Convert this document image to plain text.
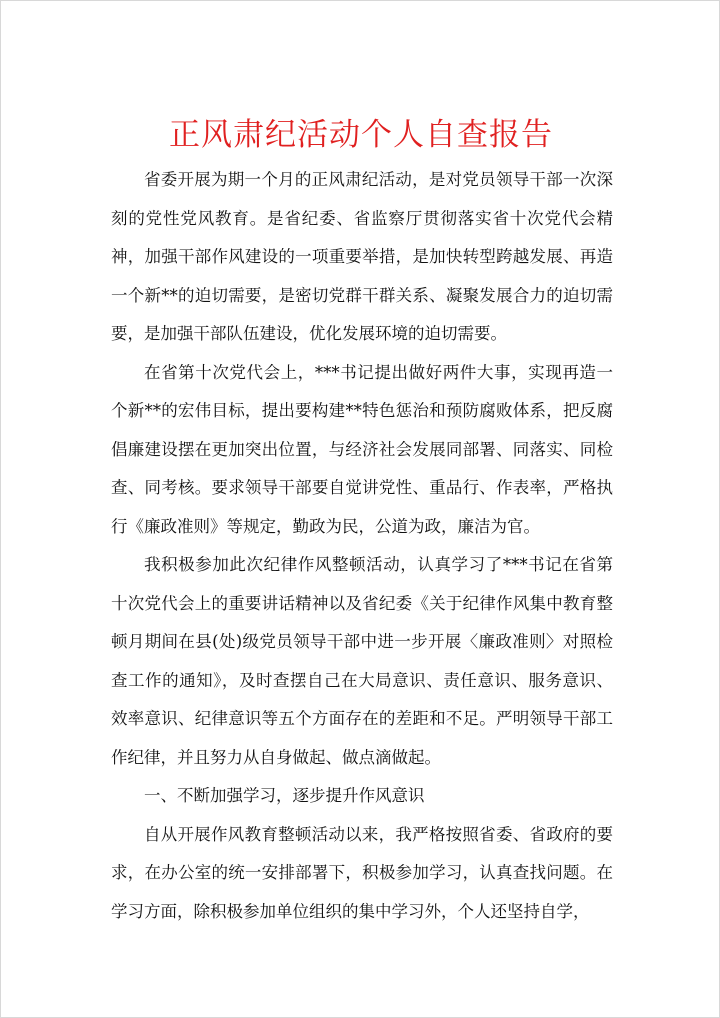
正风肃纪活动个人自查报告

省委开展为期一个月的正风肃纪活动，是对党员领导干部一次深刻的党性党风教育。是省纪委、省监察厅贯彻落实省十次党代会精神，加强干部作风建设的一项重要举措，是加快转型跨越发展、再造一个新**的迫切需要，是密切党群干群关系、凝聚发展合力的迫切需要，是加强干部队伍建设，优化发展环境的迫切需要。

在省第十次党代会上，***书记提出做好两件大事，实现再造一个新**的宏伟目标，提出要构建**特色惩治和预防腐败体系，把反腐倡廉建设摆在更加突出位置，与经济社会发展同部署、同落实、同检查、同考核。要求领导干部要自觉讲党性、重品行、作表率，严格执行《廉政准则》等规定，勤政为民，公道为政，廉洁为官。

我积极参加此次纪律作风整顿活动，认真学习了***书记在省第十次党代会上的重要讲话精神以及省纪委《关于纪律作风集中教育整顿月期间在县(处)级党员领导干部中进一步开展〈廉政准则〉对照检查工作的通知》，及时查摆自己在大局意识、责任意识、服务意识、效率意识、纪律意识等五个方面存在的差距和不足。严明领导干部工作纪律，并且努力从自身做起、做点滴做起。

一、不断加强学习，逐步提升作风意识

自从开展作风教育整顿活动以来，我严格按照省委、省政府的要求，在办公室的统一安排部署下，积极参加学习，认真查找问题。在学习方面，除积极参加单位组织的集中学习外，个人还坚持自学，
